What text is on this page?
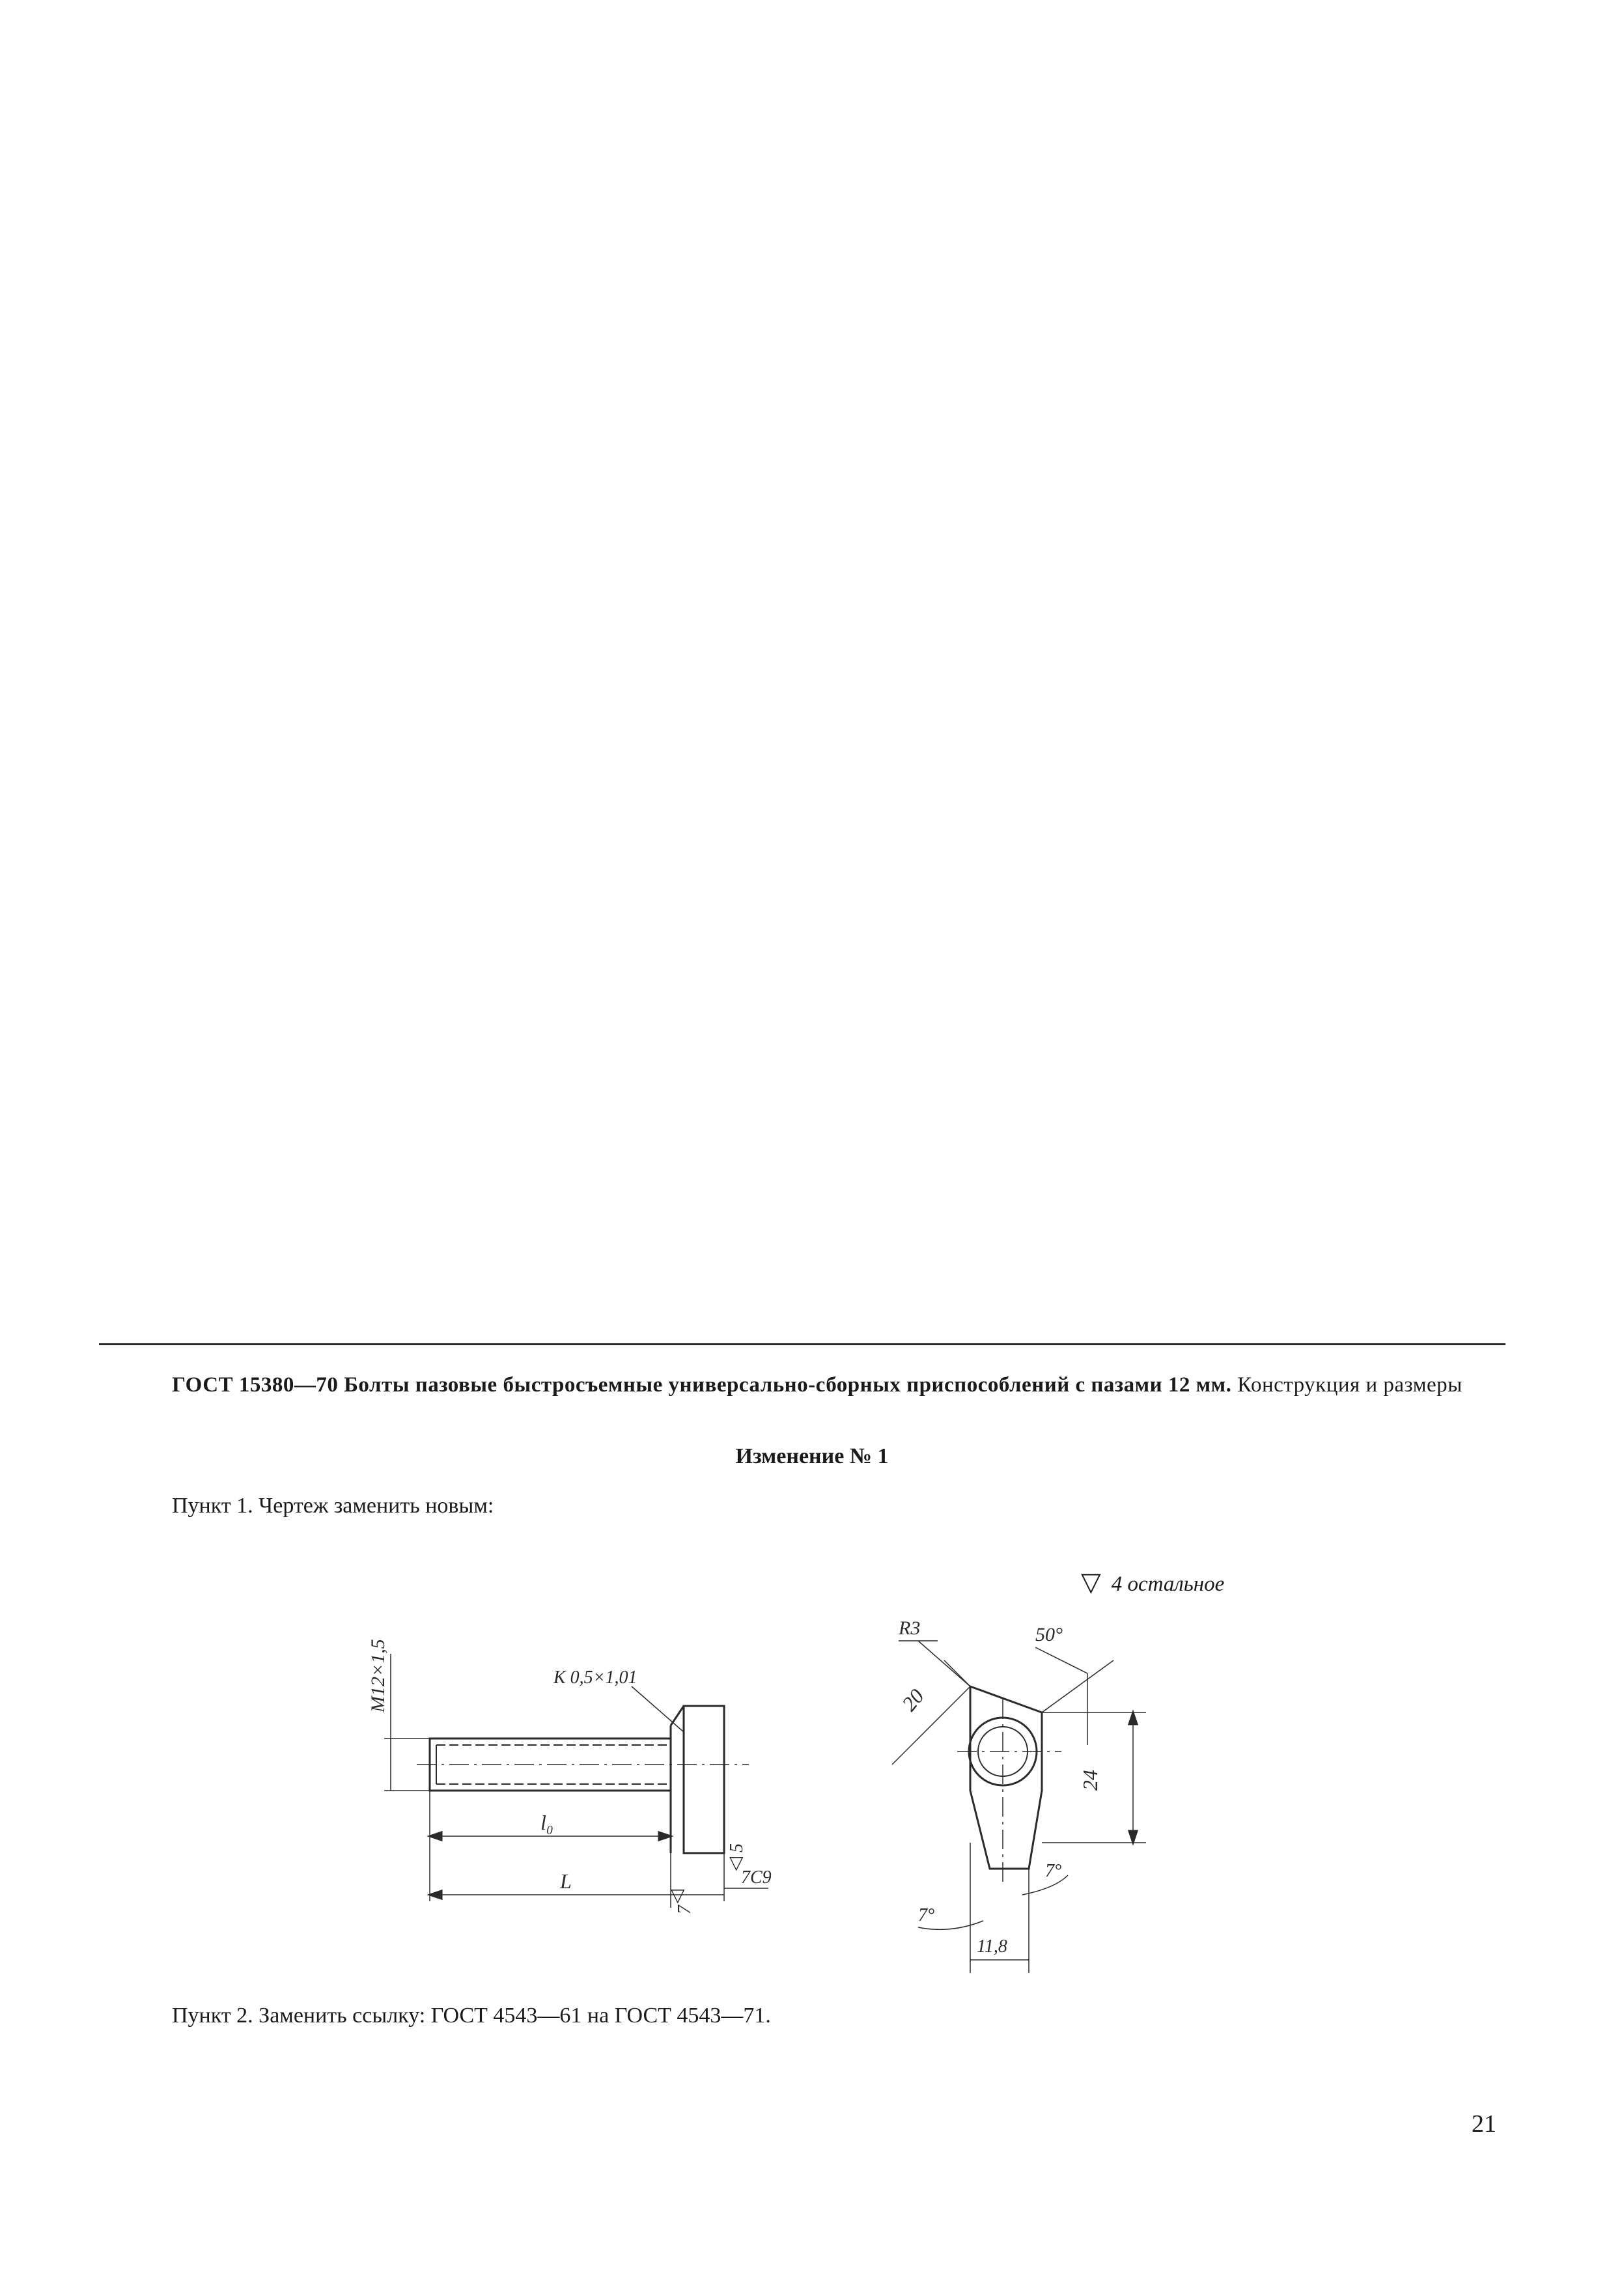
ГОСТ 15380—70 Болты пазовые быстросъемные универсально-сборных приспособлений с пазами 12 мм. Конструкция и размеры

Изменение № 1

Пункт 1. Чертеж заменить новым:

▽ 4 остальное
М12×1,5	К 0,5×1,01
l₀
L	7С9
5
7
▽
▽
R3	50°
20
24
7°
7°
11,8

Пункт 2. Заменить ссылку: ГОСТ 4543—61 на ГОСТ 4543—71.

21
